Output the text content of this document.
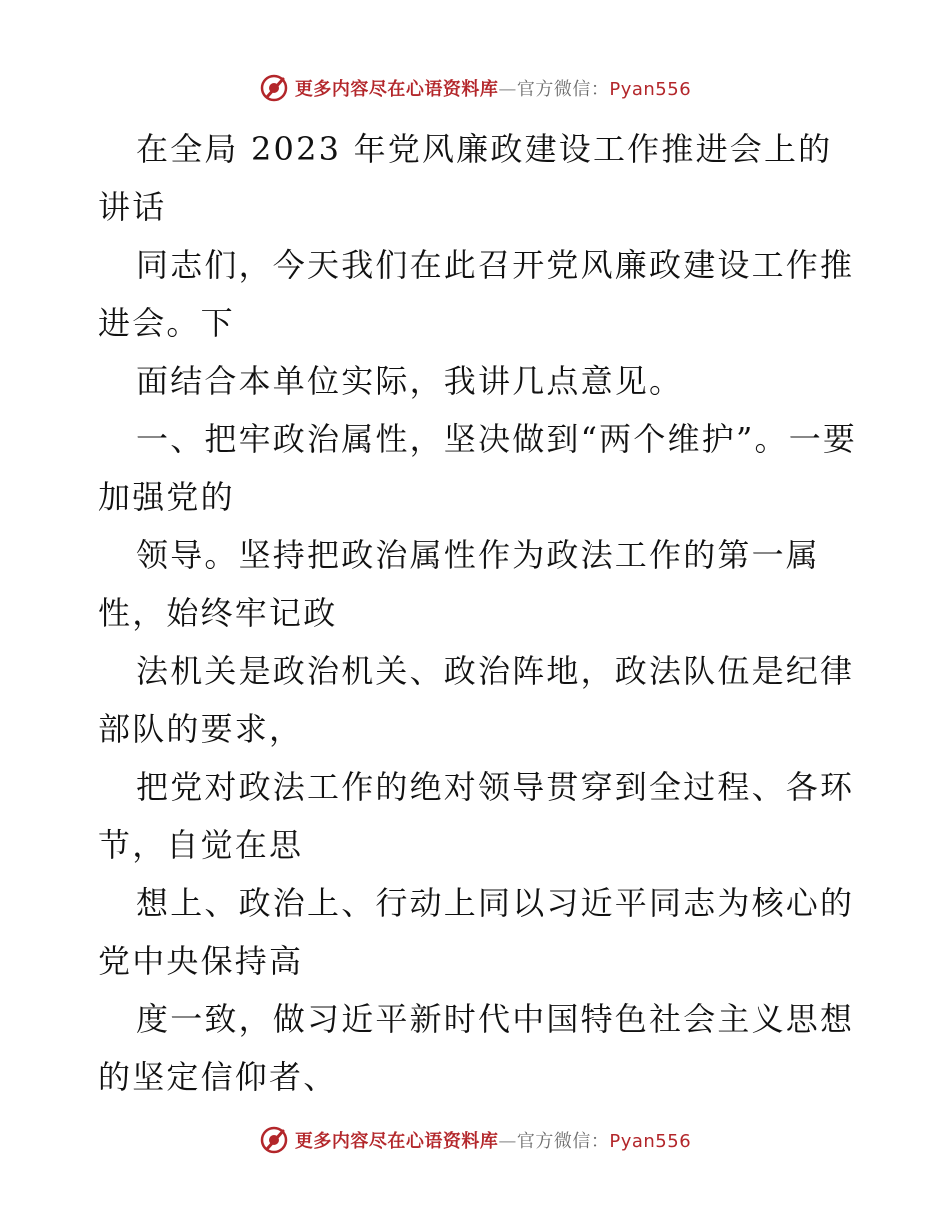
更多内容尽在心语资料库—官方微信：Pyan556

在全局 2023 年党风廉政建设工作推进会上的讲话

同志们，今天我们在此召开党风廉政建设工作推进会。下

面结合本单位实际，我讲几点意见。

一、把牢政治属性，坚决做到“两个维护”。一要加强党的

领导。坚持把政治属性作为政法工作的第一属性，始终牢记政

法机关是政治机关、政治阵地，政法队伍是纪律部队的要求，

把党对政法工作的绝对领导贯穿到全过程、各环节，自觉在思

想上、政治上、行动上同以习近平同志为核心的党中央保持高

度一致，做习近平新时代中国特色社会主义思想的坚定信仰者、

更多内容尽在心语资料库—官方微信：Pyan556
